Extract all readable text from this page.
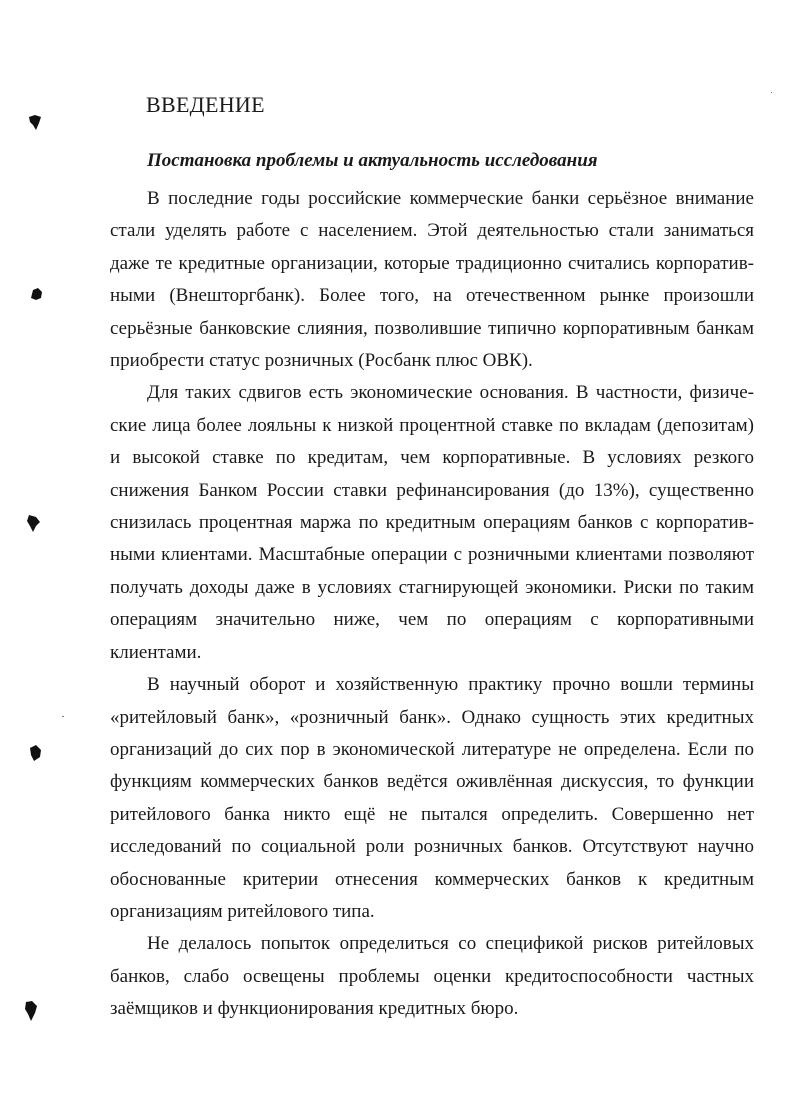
ВВЕДЕНИЕ
Постановка проблемы и актуальность исследования

В последние годы российские коммерческие банки серьёзное внимание стали уделять работе с населением. Этой деятельностью стали заниматься даже те кредитные организации, которые традиционно считались корпоративными (Внешторгбанк). Более того, на отечественном рынке произошли серьёзные банковские слияния, позволившие типично корпоративным банкам приобрести статус розничных (Росбанк плюс ОВК).

Для таких сдвигов есть экономические основания. В частности, физические лица более лояльны к низкой процентной ставке по вкладам (депозитам) и высокой ставке по кредитам, чем корпоративные. В условиях резкого снижения Банком России ставки рефинансирования (до 13%), существенно снизилась процентная маржа по кредитным операциям банков с корпоративными клиентами. Масштабные операции с розничными клиентами позволяют получать доходы даже в условиях стагнирующей экономики. Риски по таким операциям значительно ниже, чем по операциям с корпоративными клиентами.

В научный оборот и хозяйственную практику прочно вошли термины «ритейловый банк», «розничный банк». Однако сущность этих кредитных организаций до сих пор в экономической литературе не определена. Если по функциям коммерческих банков ведётся оживлённая дискуссия, то функции ритейлового банка никто ещё не пытался определить. Совершенно нет исследований по социальной роли розничных банков. Отсутствуют научно обоснованные критерии отнесения коммерческих банков к кредитным организациям ритейлового типа.

Не делалось попыток определиться со спецификой рисков ритейловых банков, слабо освещены проблемы оценки кредитоспособности частных заёмщиков и функционирования кредитных бюро.
